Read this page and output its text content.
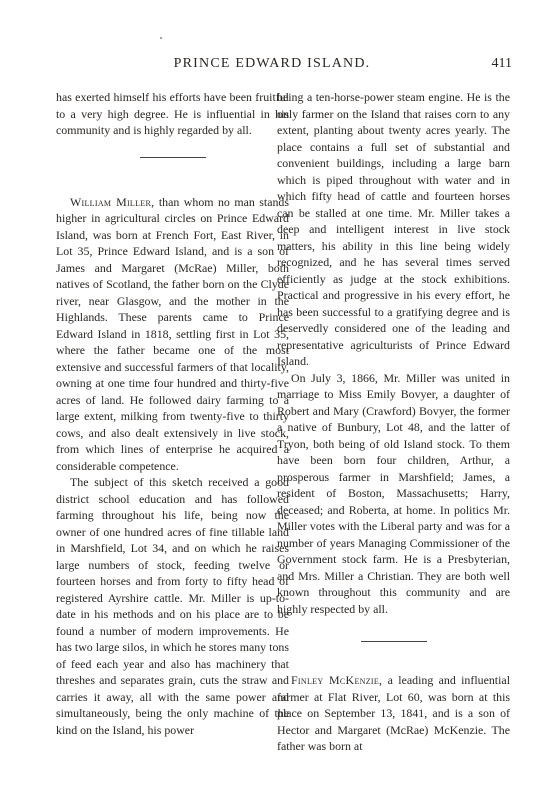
PRINCE EDWARD ISLAND.	411

has exerted himself his efforts have been fruitful to a very high degree. He is influential in his community and is highly regarded by all.

William Miller, than whom no man stands higher in agricultural circles on Prince Edward Island, was born at French Fort, East River, in Lot 35, Prince Edward Island, and is a son of James and Margaret (McRae) Miller, both natives of Scotland, the father born on the Clyde river, near Glasgow, and the mother in the Highlands. These parents came to Prince Edward Island in 1818, settling first in Lot 35, where the father became one of the most extensive and successful farmers of that locality, owning at one time four hundred and thirty-five acres of land. He followed dairy farming to a large extent, milking from twenty-five to thirty cows, and also dealt extensively in live stock, from which lines of enterprise he acquired a considerable competence.

The subject of this sketch received a good district school education and has followed farming throughout his life, being now the owner of one hundred acres of fine tillable land in Marshfield, Lot 34, and on which he raises large numbers of stock, feeding twelve or fourteen horses and from forty to fifty head of registered Ayrshire cattle. Mr. Miller is up-to-date in his methods and on his place are to be found a number of modern improvements. He has two large silos, in which he stores many tons of feed each year and also has machinery that threshes and separates grain, cuts the straw and carries it away, all with the same power and simultaneously, being the only machine of the kind on the Island, his power

being a ten-horse-power steam engine. He is the only farmer on the Island that raises corn to any extent, planting about twenty acres yearly. The place contains a full set of substantial and convenient buildings, including a large barn which is piped throughout with water and in which fifty head of cattle and fourteen horses can be stalled at one time. Mr. Miller takes a deep and intelligent interest in live stock matters, his ability in this line being widely recognized, and he has several times served efficiently as judge at the stock exhibitions. Practical and progressive in his every effort, he has been successful to a gratifying degree and is deservedly considered one of the leading and representative agriculturists of Prince Edward Island.

On July 3, 1866, Mr. Miller was united in marriage to Miss Emily Bovyer, a daughter of Robert and Mary (Crawford) Bovyer, the former a native of Bunbury, Lot 48, and the latter of Tryon, both being of old Island stock. To them have been born four children, Arthur, a prosperous farmer in Marshfield; James, a resident of Boston, Massachusetts; Harry, deceased; and Roberta, at home. In politics Mr. Miller votes with the Liberal party and was for a number of years Managing Commissioner of the Government stock farm. He is a Presbyterian, and Mrs. Miller a Christian. They are both well known throughout this community and are highly respected by all.

Finley McKenzie, a leading and influential farmer at Flat River, Lot 60, was born at this place on September 13, 1841, and is a son of Hector and Margaret (McRae) McKenzie. The father was born at
